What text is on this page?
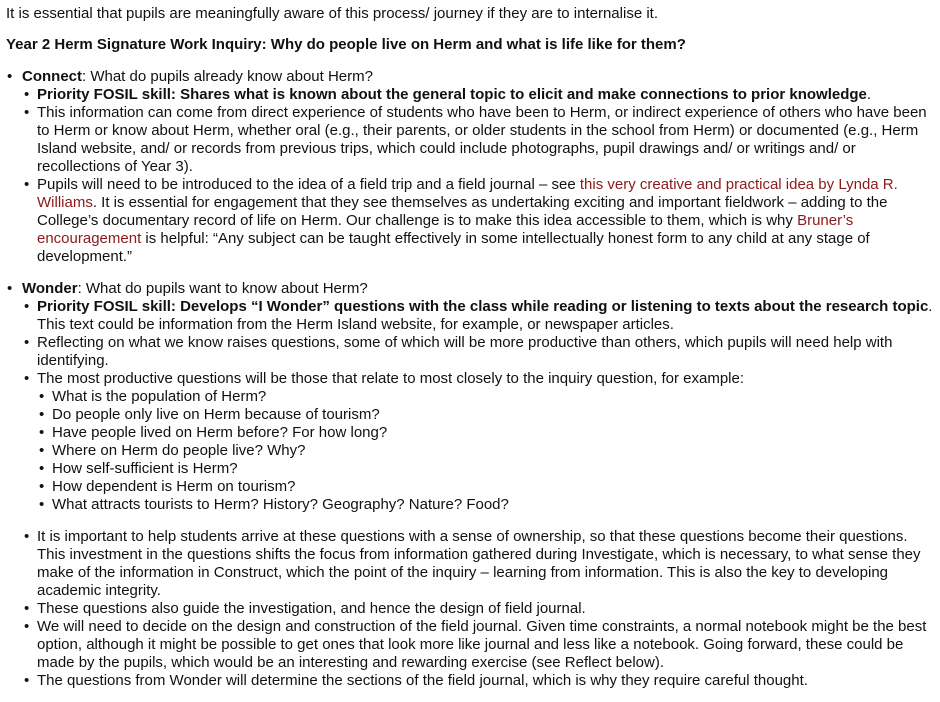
It is essential that pupils are meaningfully aware of this process/ journey if they are to internalise it.

Year 2 Herm Signature Work Inquiry: Why do people live on Herm and what is life like for them?

• Connect: What do pupils already know about Herm?
• Priority FOSIL skill: Shares what is known about the general topic to elicit and make connections to prior knowledge.
• This information can come from direct experience of students who have been to Herm, or indirect experience of others who have been to Herm or know about Herm, whether oral (e.g., their parents, or older students in the school from Herm) or documented (e.g., Herm Island website, and/ or records from previous trips, which could include photographs, pupil drawings and/ or writings and/ or recollections of Year 3).
• Pupils will need to be introduced to the idea of a field trip and a field journal – see this very creative and practical idea by Lynda R. Williams. It is essential for engagement that they see themselves as undertaking exciting and important fieldwork – adding to the College’s documentary record of life on Herm. Our challenge is to make this idea accessible to them, which is why Bruner’s encouragement is helpful: “Any subject can be taught effectively in some intellectually honest form to any child at any stage of development.”
• Wonder: What do pupils want to know about Herm?
• Priority FOSIL skill: Develops “I Wonder” questions with the class while reading or listening to texts about the research topic. This text could be information from the Herm Island website, for example, or newspaper articles.
• Reflecting on what we know raises questions, some of which will be more productive than others, which pupils will need help with identifying.
• The most productive questions will be those that relate to most closely to the inquiry question, for example:
• What is the population of Herm?
• Do people only live on Herm because of tourism?
• Have people lived on Herm before? For how long?
• Where on Herm do people live? Why?
• How self-sufficient is Herm?
• How dependent is Herm on tourism?
• What attracts tourists to Herm? History? Geography? Nature? Food?
• It is important to help students arrive at these questions with a sense of ownership, so that these questions become their questions. This investment in the questions shifts the focus from information gathered during Investigate, which is necessary, to what sense they make of the information in Construct, which the point of the inquiry – learning from information. This is also the key to developing academic integrity.
• These questions also guide the investigation, and hence the design of field journal.
• We will need to decide on the design and construction of the field journal. Given time constraints, a normal notebook might be the best option, although it might be possible to get ones that look more like journal and less like a notebook. Going forward, these could be made by the pupils, which would be an interesting and rewarding exercise (see Reflect below).
• The questions from Wonder will determine the sections of the field journal, which is why they require careful thought.
